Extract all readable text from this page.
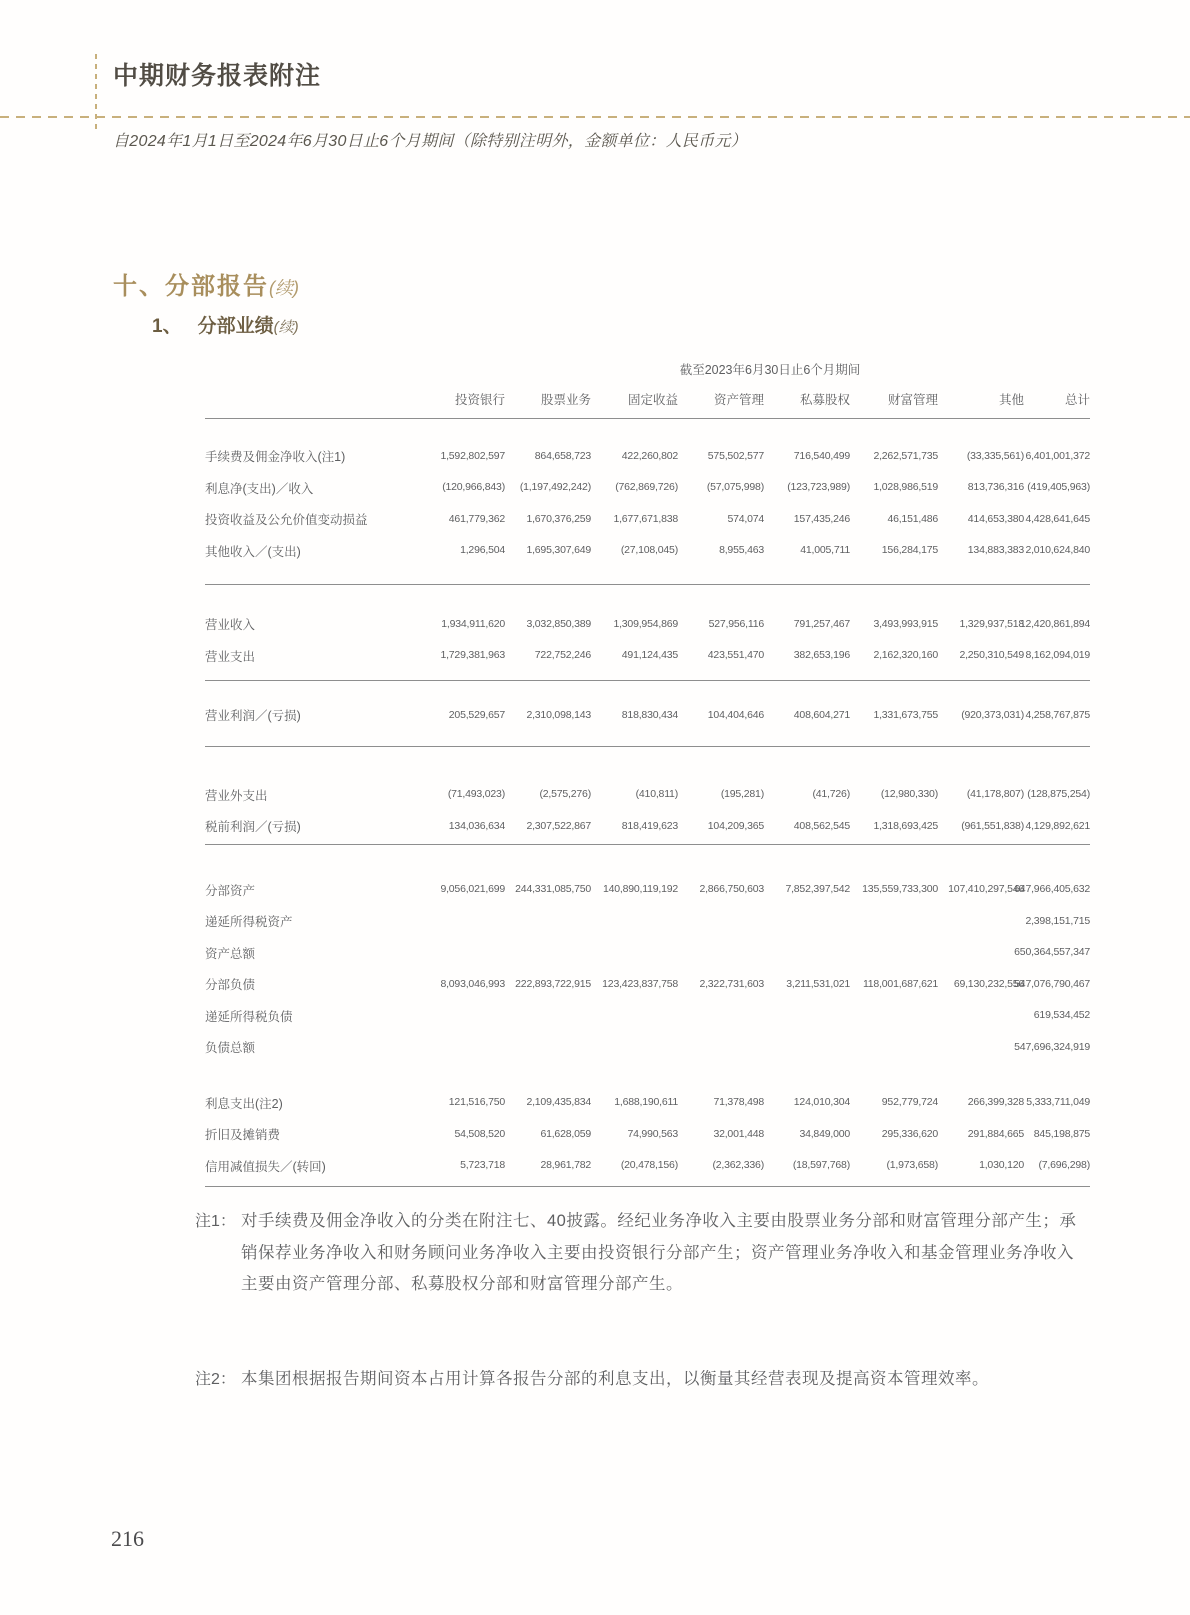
中期财务报表附注
自2024年1月1日至2024年6月30日止6个月期间（除特别注明外，金额单位：人民币元）
十、分部报告(续)
1、 分部业绩(续)
	截至2023年6月30日止6个月期间							
	投资银行	股票业务	固定收益	资产管理	私募股权	财富管理	其他	总计

手续费及佣金净收入(注1)	1,592,802,597	864,658,723	422,260,802	575,502,577	716,540,499	2,262,571,735	(33,335,561)	6,401,001,372

利息净(支出)／收入	(120,966,843)	(1,197,492,242)	(762,869,726)	(57,075,998)	(123,723,989)	1,028,986,519	813,736,316	(419,405,963)

投资收益及公允价值变动损益	461,779,362	1,670,376,259	1,677,671,838	574,074	157,435,246	46,151,486	414,653,380	4,428,641,645

其他收入／(支出)	1,296,504	1,695,307,649	(27,108,045)	8,955,463	41,005,711	156,284,175	134,883,383	2,010,624,840

营业收入	1,934,911,620	3,032,850,389	1,309,954,869	527,956,116	791,257,467	3,493,993,915	1,329,937,518	12,420,861,894

营业支出	1,729,381,963	722,752,246	491,124,435	423,551,470	382,653,196	2,162,320,160	2,250,310,549	8,162,094,019

营业利润／(亏损)	205,529,657	2,310,098,143	818,830,434	104,404,646	408,604,271	1,331,673,755	(920,373,031)	4,258,767,875

营业外支出	(71,493,023)	(2,575,276)	(410,811)	(195,281)	(41,726)	(12,980,330)	(41,178,807)	(128,875,254)

税前利润／(亏损)	134,036,634	2,307,522,867	818,419,623	104,209,365	408,562,545	1,318,693,425	(961,551,838)	4,129,892,621

分部资产	9,056,021,699	244,331,085,750	140,890,119,192	2,866,750,603	7,852,397,542	135,559,733,300	107,410,297,546	647,966,405,632

递延所得税资产								2,398,151,715

资产总额								650,364,557,347

分部负债	8,093,046,993	222,893,722,915	123,423,837,758	2,322,731,603	3,211,531,021	118,001,687,621	69,130,232,556	547,076,790,467

递延所得税负债								619,534,452

负债总额								547,696,324,919

利息支出(注2)	121,516,750	2,109,435,834	1,688,190,611	71,378,498	124,010,304	952,779,724	266,399,328	5,333,711,049

折旧及摊销费	54,508,520	61,628,059	74,990,563	32,001,448	34,849,000	295,336,620	291,884,665	845,198,875

信用减值损失／(转回)	5,723,718	28,961,782	(20,478,156)	(2,362,336)	(18,597,768)	(1,973,658)	1,030,120	(7,696,298)

注1： 对手续费及佣金净收入的分类在附注七、40披露。经纪业务净收入主要由股票业务分部和财富管理分部产生；承
销保荐业务净收入和财务顾问业务净收入主要由投资银行分部产生；资产管理业务净收入和基金管理业务净收入
主要由资产管理分部、私募股权分部和财富管理分部产生。
注2： 本集团根据报告期间资本占用计算各报告分部的利息支出，以衡量其经营表现及提高资本管理效率。
216
